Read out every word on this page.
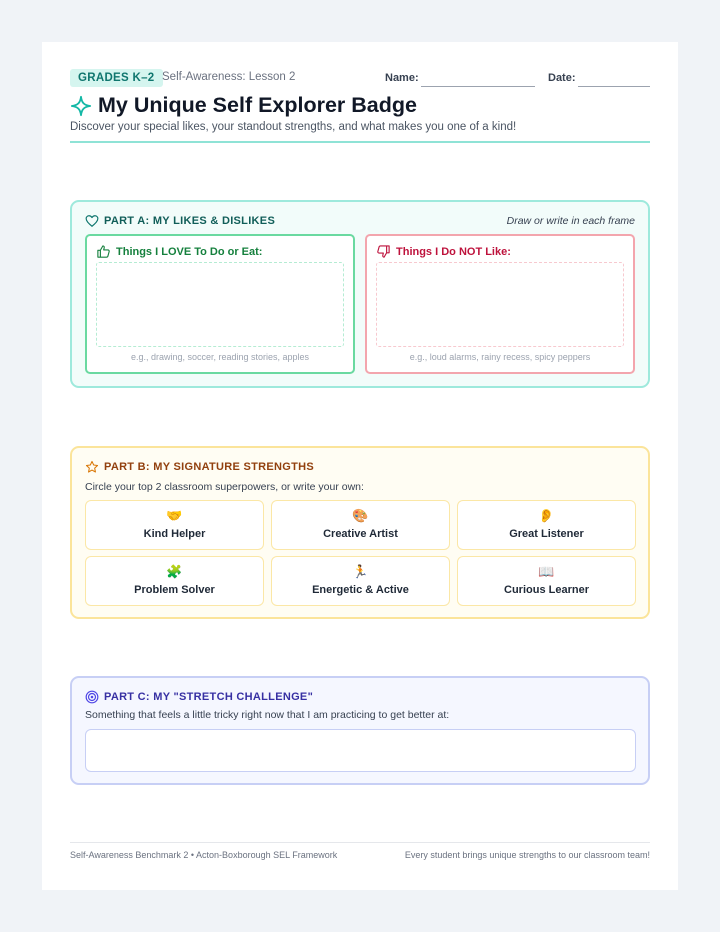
GRADES K–2 Self-Awareness: Lesson 2	Name:	Date:
My Unique Self Explorer Badge

Discover your special likes, your standout strengths, and what makes you one of a kind!

PART A: MY LIKES & DISLIKES	Draw or write in each frame
Things I LOVE To Do or Eat:
e.g., drawing, soccer, reading stories, apples
Things I Do NOT Like:
e.g., loud alarms, rainy recess, spicy peppers
PART B: MY SIGNATURE STRENGTHS

Circle your top 2 classroom superpowers, or write your own:

🤝
Kind Helper
🎨
Creative Artist
👂
Great Listener
🧩
Problem Solver
🏃
Energetic & Active
📖
Curious Learner
PART C: MY "STRETCH CHALLENGE"

Something that feels a little tricky right now that I am practicing to get better at:

Self-Awareness Benchmark 2 • Acton-Boxborough SEL Framework	Every student brings unique strengths to our classroom team!
